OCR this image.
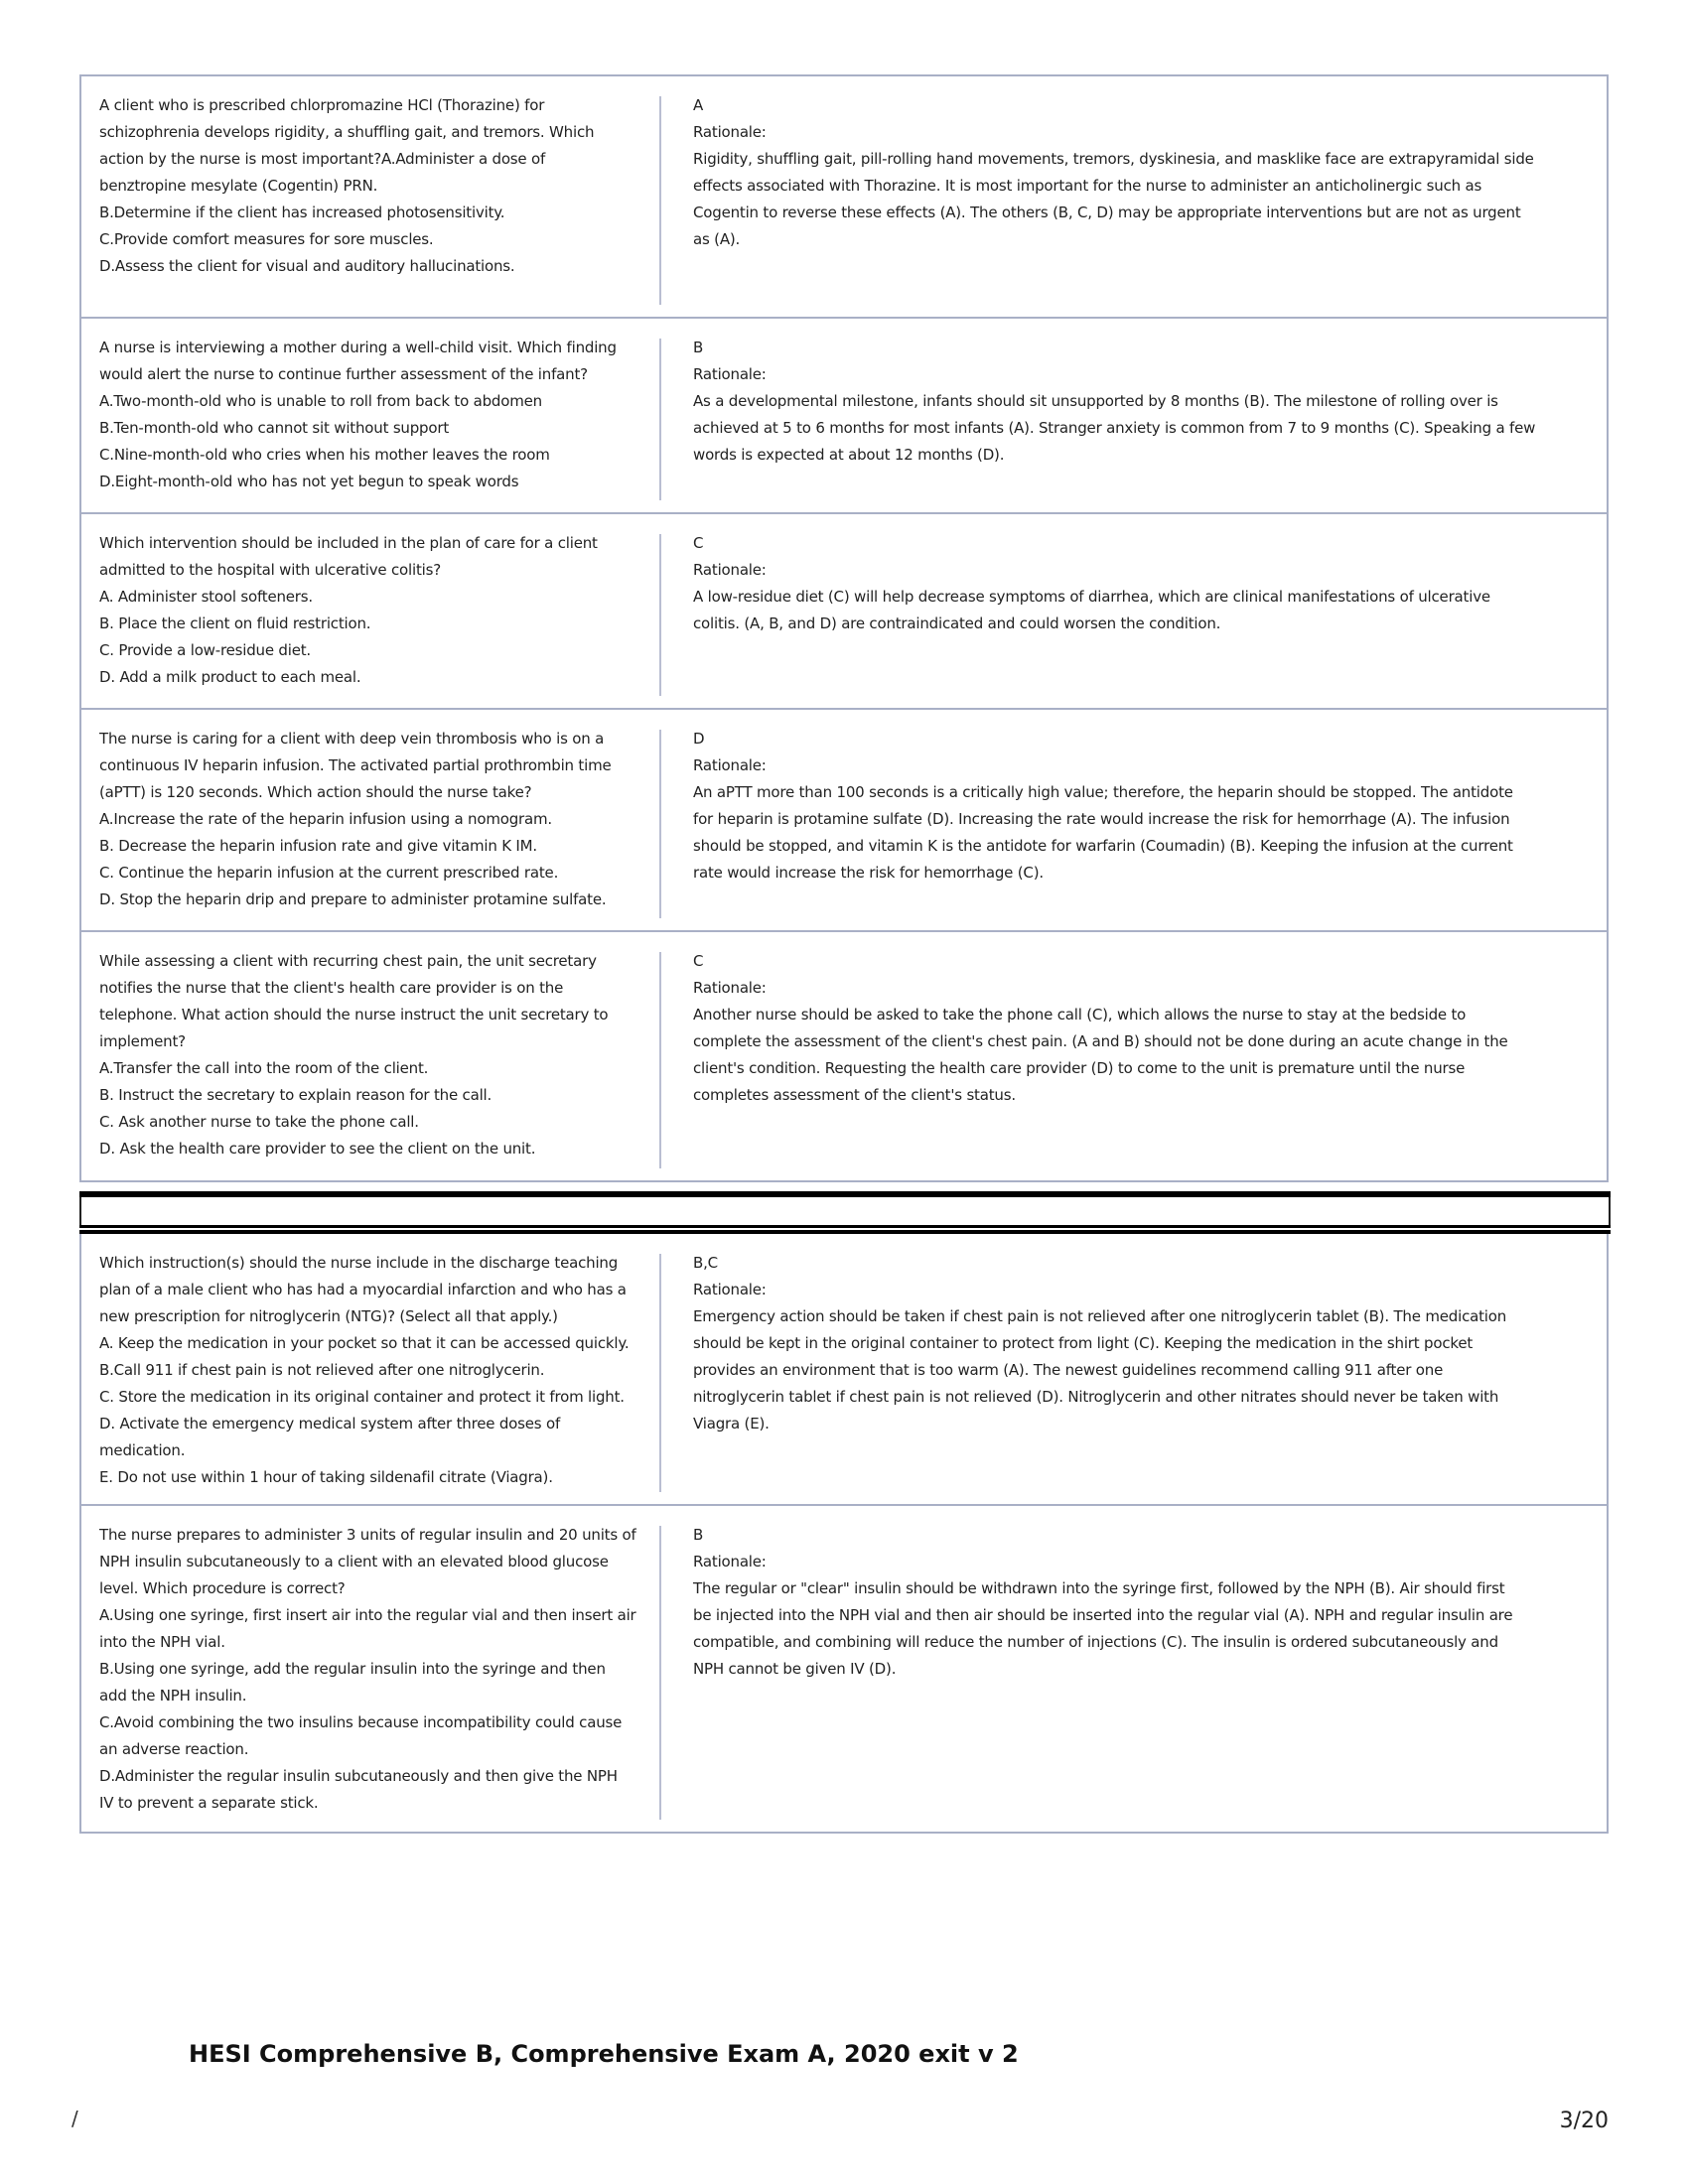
A client who is prescribed chlorpromazine HCl (Thorazine) for
schizophrenia develops rigidity, a shuffling gait, and tremors. Which
action by the nurse is most important?A.Administer a dose of
benztropine mesylate (Cogentin) PRN.
B.Determine if the client has increased photosensitivity.
C.Provide comfort measures for sore muscles.
D.Assess the client for visual and auditory hallucinations.
A
Rationale:
Rigidity, shuffling gait, pill-rolling hand movements, tremors, dyskinesia, and masklike face are extrapyramidal side
effects associated with Thorazine. It is most important for the nurse to administer an anticholinergic such as
Cogentin to reverse these effects (A). The others (B, C, D) may be appropriate interventions but are not as urgent
as (A).
A nurse is interviewing a mother during a well-child visit. Which finding
would alert the nurse to continue further assessment of the infant?
A.Two-month-old who is unable to roll from back to abdomen
B.Ten-month-old who cannot sit without support
C.Nine-month-old who cries when his mother leaves the room
D.Eight-month-old who has not yet begun to speak words
B
Rationale:
As a developmental milestone, infants should sit unsupported by 8 months (B). The milestone of rolling over is
achieved at 5 to 6 months for most infants (A). Stranger anxiety is common from 7 to 9 months (C). Speaking a few
words is expected at about 12 months (D).
Which intervention should be included in the plan of care for a client
admitted to the hospital with ulcerative colitis?
A. Administer stool softeners.
B. Place the client on fluid restriction.
C. Provide a low-residue diet.
D. Add a milk product to each meal.
C
Rationale:
A low-residue diet (C) will help decrease symptoms of diarrhea, which are clinical manifestations of ulcerative
colitis. (A, B, and D) are contraindicated and could worsen the condition.
The nurse is caring for a client with deep vein thrombosis who is on a
continuous IV heparin infusion. The activated partial prothrombin time
(aPTT) is 120 seconds. Which action should the nurse take?
A.Increase the rate of the heparin infusion using a nomogram.
B. Decrease the heparin infusion rate and give vitamin K IM.
C. Continue the heparin infusion at the current prescribed rate.
D. Stop the heparin drip and prepare to administer protamine sulfate.
D
Rationale:
An aPTT more than 100 seconds is a critically high value; therefore, the heparin should be stopped. The antidote
for heparin is protamine sulfate (D). Increasing the rate would increase the risk for hemorrhage (A). The infusion
should be stopped, and vitamin K is the antidote for warfarin (Coumadin) (B). Keeping the infusion at the current
rate would increase the risk for hemorrhage (C).
While assessing a client with recurring chest pain, the unit secretary
notifies the nurse that the client's health care provider is on the
telephone. What action should the nurse instruct the unit secretary to
implement?
A.Transfer the call into the room of the client.
B. Instruct the secretary to explain reason for the call.
C. Ask another nurse to take the phone call.
D. Ask the health care provider to see the client on the unit.
C
Rationale:
Another nurse should be asked to take the phone call (C), which allows the nurse to stay at the bedside to
complete the assessment of the client's chest pain. (A and B) should not be done during an acute change in the
client's condition. Requesting the health care provider (D) to come to the unit is premature until the nurse
completes assessment of the client's status.
Which instruction(s) should the nurse include in the discharge teaching
plan of a male client who has had a myocardial infarction and who has a
new prescription for nitroglycerin (NTG)? (Select all that apply.)
A. Keep the medication in your pocket so that it can be accessed quickly.
B.Call 911 if chest pain is not relieved after one nitroglycerin.
C. Store the medication in its original container and protect it from light.
D. Activate the emergency medical system after three doses of
medication.
E. Do not use within 1 hour of taking sildenafil citrate (Viagra).
B,C
Rationale:
Emergency action should be taken if chest pain is not relieved after one nitroglycerin tablet (B). The medication
should be kept in the original container to protect from light (C). Keeping the medication in the shirt pocket
provides an environment that is too warm (A). The newest guidelines recommend calling 911 after one
nitroglycerin tablet if chest pain is not relieved (D). Nitroglycerin and other nitrates should never be taken with
Viagra (E).
The nurse prepares to administer 3 units of regular insulin and 20 units of
NPH insulin subcutaneously to a client with an elevated blood glucose
level. Which procedure is correct?
A.Using one syringe, first insert air into the regular vial and then insert air
into the NPH vial.
B.Using one syringe, add the regular insulin into the syringe and then
add the NPH insulin.
C.Avoid combining the two insulins because incompatibility could cause
an adverse reaction.
D.Administer the regular insulin subcutaneously and then give the NPH
IV to prevent a separate stick.
B
Rationale:
The regular or "clear" insulin should be withdrawn into the syringe first, followed by the NPH (B). Air should first
be injected into the NPH vial and then air should be inserted into the regular vial (A). NPH and regular insulin are
compatible, and combining will reduce the number of injections (C). The insulin is ordered subcutaneously and
NPH cannot be given IV (D).
HESI Comprehensive B, Comprehensive Exam A, 2020 exit v 2
/	3/20
